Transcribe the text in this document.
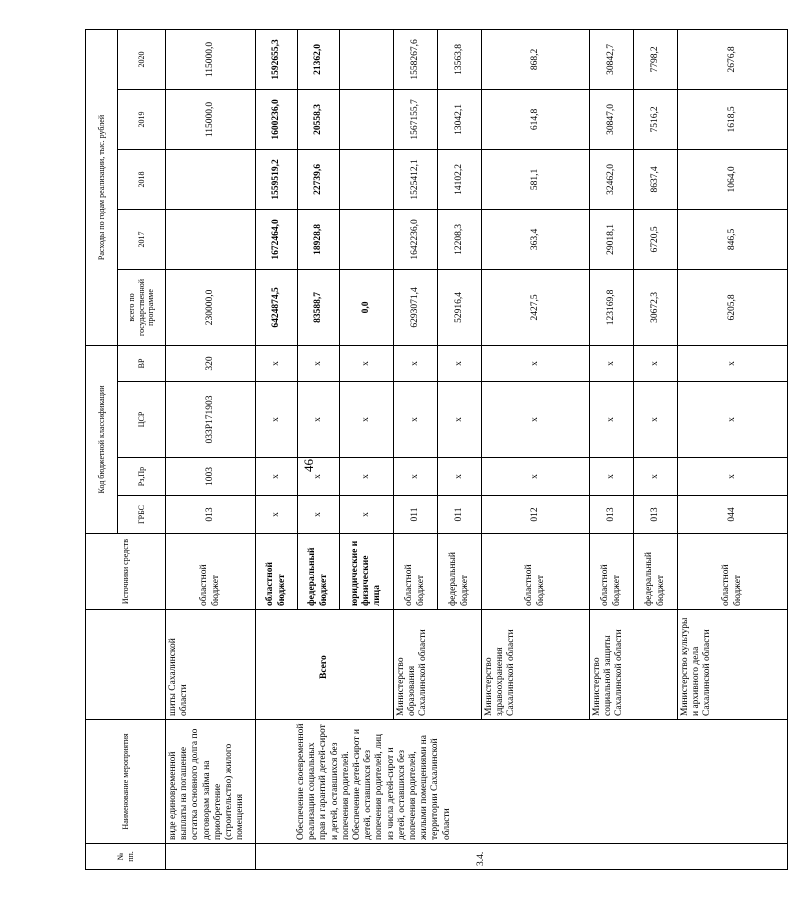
46
№ пп.	Наименование мероприятия		Источники средств	Код бюджетной классификации				Расходы по годам реализации, тыс. рублей				
				ГРБС	Рз,Пр	ЦСР	ВР	всего по государственной программе	2017	2018	2019	2020
	виде единовременной выплаты на погашение остатка основного долга по договорам займа на приобретение (строительство) жилого помещения	шиты Сахалинской области	областной бюджет	013	1003	033P171903	320	230000,0			115000,0	115000,0
3.4.	Обеспечение своевременной реализации социальных прав и гарантий детей-сирот и детей, оставшихся без попечения родителей. Обеспечение детей-сирот и детей, оставшихся без попечения родителей, лиц из числа детей-сирот и детей, оставшихся без попечения родителей, жилыми помещениями на территории Сахалинской области	Всего	областной бюджет	х	х	х	х	6424874,5	1672464,0	1559519,2	1600236,0	1592655,3
			федеральный бюджет	х	х	х	х	83588,7	18928,8	22739,6	20558,3	21362,0
			юридические и физические лица	х	х	х	х	0,0				
		Министерство образования Сахалинской области	областной бюджет	011	х	х	х	6293071,4	1642236,0	1525412,1	1567155,7	1558267,6
			федеральный бюджет	011	х	х	х	52916,4	12208,3	14102,2	13042,1	13563,8
		Министерство здравоохранения Сахалинской области	областной бюджет	012	х	х	х	2427,5	363,4	581,1	614,8	868,2
		Министерство социальной защиты Сахалинской области	областной бюджет	013	х	х	х	123169,8	29018,1	32462,0	30847,0	30842,7
			федеральный бюджет	013	х	х	х	30672,3	6720,5	8637,4	7516,2	7798,2
		Министерство культуры и архивного дела Сахалинской области	областной бюджет	044	х	х	х	6205,8	846,5	1064,0	1618,5	2676,8
